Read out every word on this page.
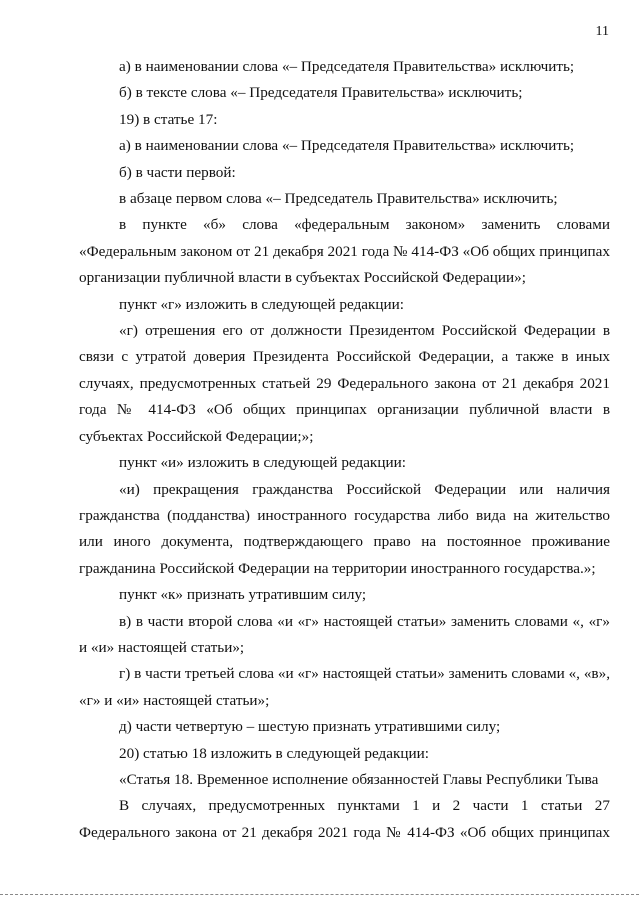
11

а) в наименовании слова «– Председателя Правительства» исключить;

б) в тексте слова «– Председателя Правительства» исключить;

19) в статье 17:

а) в наименовании слова «– Председателя Правительства» исключить;

б) в части первой:

в абзаце первом слова «– Председатель Правительства» исключить;

в пункте «б» слова «федеральным законом» заменить словами «Федеральным законом от 21 декабря 2021 года № 414-ФЗ «Об общих принципах организации публичной власти в субъектах Российской Федерации»;

пункт «г» изложить в следующей редакции:

«г) отрешения его от должности Президентом Российской Федерации в связи с утратой доверия Президента Российской Федерации, а также в иных случаях, предусмотренных статьей 29 Федерального закона от 21 декабря 2021 года № 414-ФЗ «Об общих принципах организации публичной власти в субъектах Российской Федерации;»;

пункт «и» изложить в следующей редакции:

«и) прекращения гражданства Российской Федерации или наличия гражданства (подданства) иностранного государства либо вида на жительство или иного документа, подтверждающего право на постоянное проживание гражданина Российской Федерации на территории иностранного государства.»;

пункт «к» признать утратившим силу;

в) в части второй слова «и «г» настоящей статьи» заменить словами «, «г» и «и» настоящей статьи»;

г) в части третьей слова «и «г» настоящей статьи» заменить словами «, «в», «г» и «и» настоящей статьи»;

д) части четвертую – шестую признать утратившими силу;

20) статью 18 изложить в следующей редакции:

«Статья 18. Временное исполнение обязанностей Главы Республики Тыва

В случаях, предусмотренных пунктами 1 и 2 части 1 статьи 27 Федерального закона от 21 декабря 2021 года № 414-ФЗ «Об общих принципах
